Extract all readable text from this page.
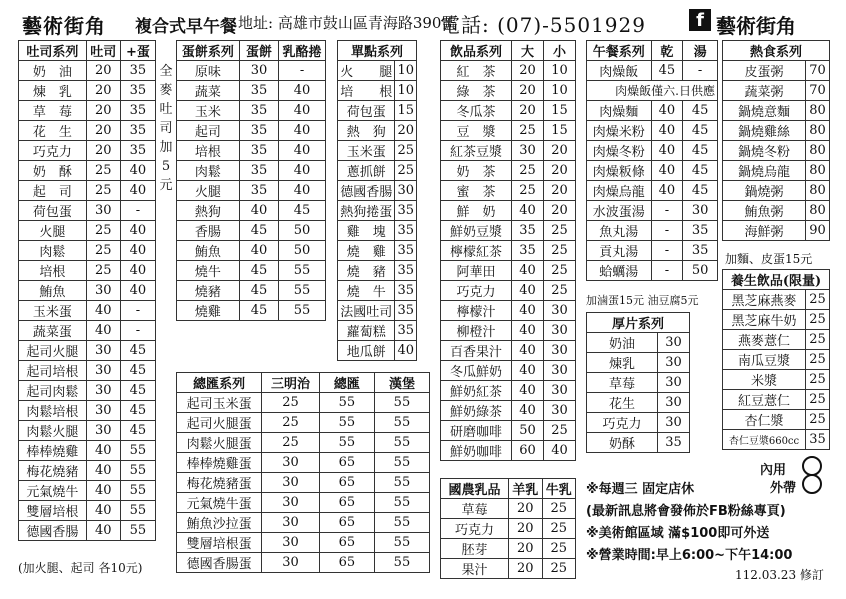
藝術街角 複合式早午餐 地址: 高雄市鼓山區青海路390號
電話: (07)-5501929	f 藝術街角
吐司系列	吐司	+蛋
奶　油	20	35
煉　乳	20	35
草　莓	20	35
花　生	20	35
巧克力	20	35
奶　酥	25	40
起　司	25	40
荷包蛋	30	-
火腿	25	40
肉鬆	25	40
培根	25	40
鮪魚	30	40
玉米蛋	40	-
蔬菜蛋	40	-
起司火腿	30	45
起司培根	30	45
起司肉鬆	30	45
肉鬆培根	30	45
肉鬆火腿	30	45
棒棒燒雞	40	55
梅花燒豬	40	55
元氣燒牛	40	55
雙層培根	40	55
德國香腸	40	55
全
麥
吐
司
加
5
元
(加火腿、起司 各10元)
蛋餅系列	蛋餅	乳酪捲
原味	30	-
蔬菜	35	40
玉米	35	40
起司	35	40
培根	35	40
肉鬆	35	40
火腿	35	40
熱狗	40	45
香腸	45	50
鮪魚	40	50
燒牛	45	55
燒豬	45	55
燒雞	45	55
總匯系列	三明治	總匯	漢堡
起司玉米蛋	25	55	55
起司火腿蛋	25	55	55
肉鬆火腿蛋	25	55	55
棒棒燒雞蛋	30	65	55
梅花燒豬蛋	30	65	55
元氣燒牛蛋	30	65	55
鮪魚沙拉蛋	30	65	55
雙層培根蛋	30	65	55
德國香腸蛋	30	65	55
單點系列	
火　　腿	10
培　　根	10
荷包蛋	15
熱　狗	20
玉米蛋	25
蔥抓餅	25
德國香腸	30
熱狗捲蛋	35
雞　塊	35
燒　雞	35
燒　豬	35
燒　牛	35
法國吐司	35
蘿蔔糕	35
地瓜餅	40
飲品系列	大	小
紅　茶	20	10
綠　茶	20	10
冬瓜茶	20	15
豆　漿	25	15
紅茶豆漿	30	20
奶　茶	25	20
蜜　茶	25	20
鮮　奶	40	20
鮮奶豆漿	35	25
檸檬紅茶	35	25
阿華田	40	25
巧克力	40	25
檸檬汁	40	30
柳橙汁	40	30
百香果汁	40	30
冬瓜鮮奶	40	30
鮮奶紅茶	40	30
鮮奶綠茶	40	30
研磨咖啡	50	25
鮮奶咖啡	60	40
國農乳品	羊乳	牛乳
草莓	20	25
巧克力	20	25
胚芽	20	25
果汁	20	25
午餐系列	乾	湯
肉燥飯	45	-
肉燥飯僅六.日供應		
肉燥麵	40	45
肉燥米粉	40	45
肉燥冬粉	40	45
肉燥粄條	40	45
肉燥烏龍	40	45
水波蛋湯	-	30
魚丸湯	-	35
貢丸湯	-	35
蛤蠣湯	-	50
加滷蛋15元 油豆腐5元
厚片系列	
奶油	30
煉乳	30
草莓	30
花生	30
巧克力	30
奶酥	35
熱食系列	
皮蛋粥	70
蔬菜粥	70
鍋燒意麵	80
鍋燒雞絲	80
鍋燒冬粉	80
鍋燒烏龍	80
鍋燒粥	80
鮪魚粥	80
海鮮粥	90
加麵、皮蛋15元
養生飲品(限量)	
黑芝麻燕麥	25
黑芝麻牛奶	25
燕麥薏仁	25
南瓜豆漿	25
米漿	25
紅豆薏仁	25
杏仁漿	25
杏仁豆漿660cc	35
內用
外帶
※每週三 固定店休
(最新訊息將會發佈於FB粉絲專頁)
※美術館區域 滿$100即可外送
※營業時間:早上6:00~下午14:00
112.03.23 修訂
